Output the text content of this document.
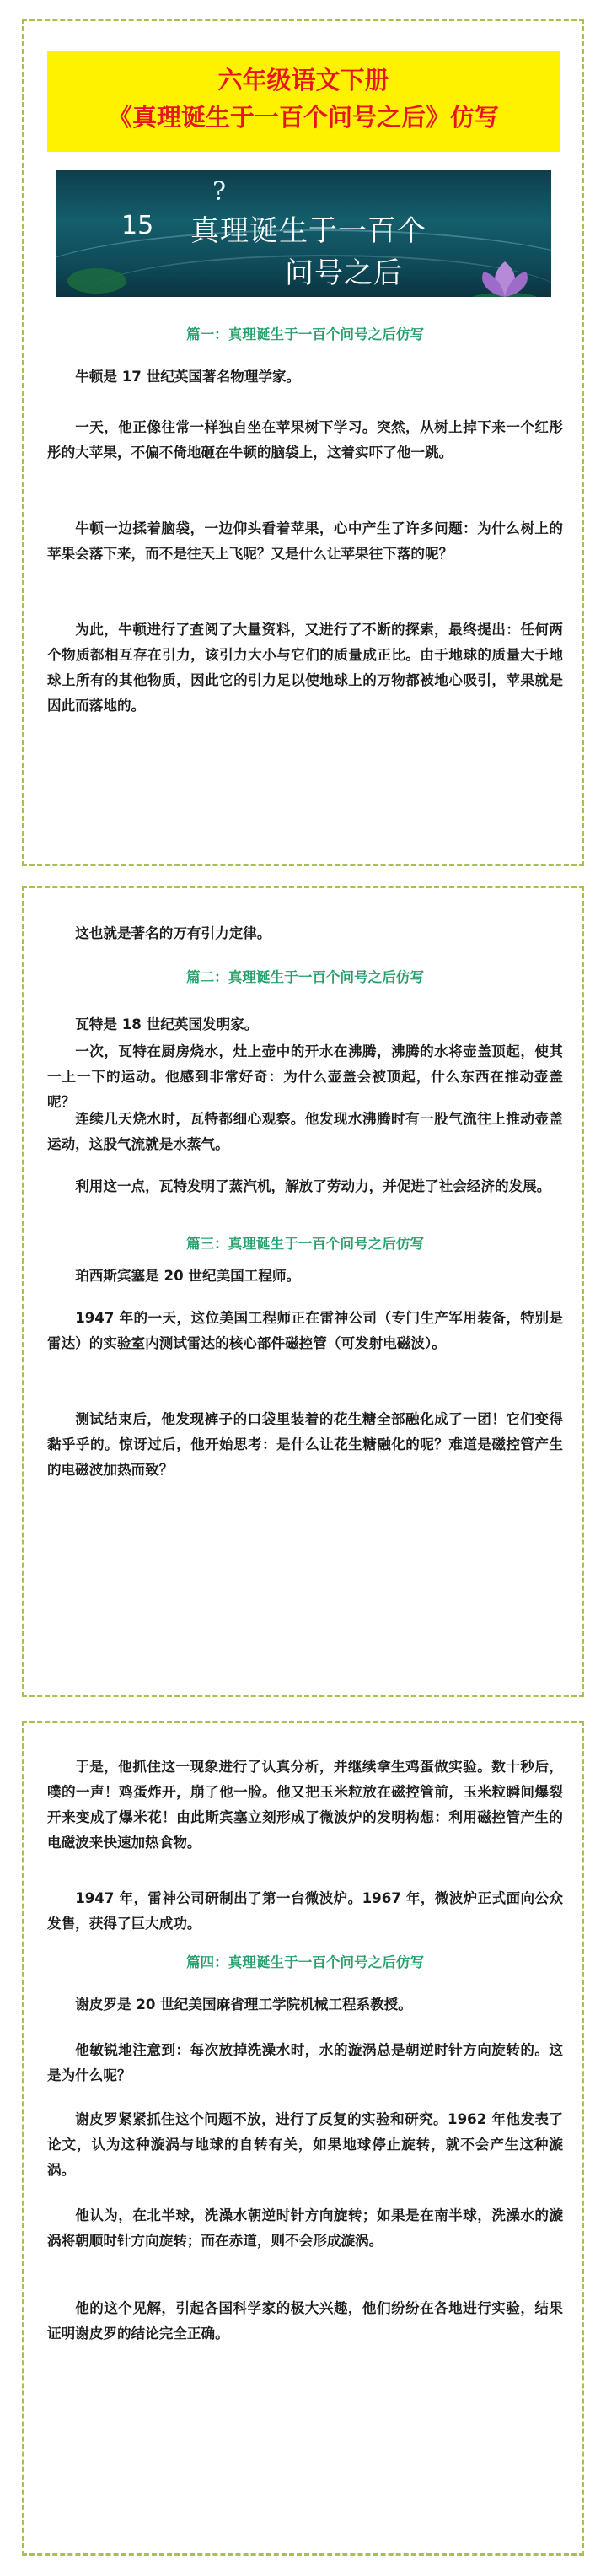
六年级语文下册
《真理诞生于一百个问号之后》仿写
15
?
真理诞生于一百个
问号之后

篇一：真理诞生于一百个问号之后仿写

牛顿是 17 世纪英国著名物理学家。

一天，他正像往常一样独自坐在苹果树下学习。突然，从树上掉下来一个红彤彤的大苹果，不偏不倚地砸在牛顿的脑袋上，这着实吓了他一跳。

牛顿一边揉着脑袋，一边仰头看着苹果，心中产生了许多问题：为什么树上的苹果会落下来，而不是往天上飞呢？又是什么让苹果往下落的呢？

为此，牛顿进行了查阅了大量资料，又进行了不断的探索，最终提出：任何两个物质都相互存在引力，该引力大小与它们的质量成正比。由于地球的质量大于地球上所有的其他物质，因此它的引力足以使地球上的万物都被地心吸引，苹果就是因此而落地的。

这也就是著名的万有引力定律。

篇二：真理诞生于一百个问号之后仿写

瓦特是 18 世纪英国发明家。

一次，瓦特在厨房烧水，灶上壶中的开水在沸腾，沸腾的水将壶盖顶起，使其一上一下的运动。他感到非常好奇：为什么壶盖会被顶起，什么东西在推动壶盖呢？

连续几天烧水时，瓦特都细心观察。他发现水沸腾时有一股气流往上推动壶盖运动，这股气流就是水蒸气。

利用这一点，瓦特发明了蒸汽机，解放了劳动力，并促进了社会经济的发展。

篇三：真理诞生于一百个问号之后仿写

珀西斯宾塞是 20 世纪美国工程师。

1947 年的一天，这位美国工程师正在雷神公司（专门生产军用装备，特别是雷达）的实验室内测试雷达的核心部件磁控管（可发射电磁波）。

测试结束后，他发现裤子的口袋里装着的花生糖全部融化成了一团！它们变得黏乎乎的。惊讶过后，他开始思考：是什么让花生糖融化的呢？难道是磁控管产生的电磁波加热而致？

于是，他抓住这一现象进行了认真分析，并继续拿生鸡蛋做实验。数十秒后，噗的一声！鸡蛋炸开，崩了他一脸。他又把玉米粒放在磁控管前，玉米粒瞬间爆裂开来变成了爆米花！由此斯宾塞立刻形成了微波炉的发明构想：利用磁控管产生的电磁波来快速加热食物。

1947 年，雷神公司研制出了第一台微波炉。1967 年，微波炉正式面向公众发售，获得了巨大成功。

篇四：真理诞生于一百个问号之后仿写

谢皮罗是 20 世纪美国麻省理工学院机械工程系教授。

他敏锐地注意到：每次放掉洗澡水时，水的漩涡总是朝逆时针方向旋转的。这是为什么呢？

谢皮罗紧紧抓住这个问题不放，进行了反复的实验和研究。1962 年他发表了论文，认为这种漩涡与地球的自转有关，如果地球停止旋转，就不会产生这种漩涡。

他认为，在北半球，洗澡水朝逆时针方向旋转；如果是在南半球，洗澡水的漩涡将朝顺时针方向旋转；而在赤道，则不会形成漩涡。

他的这个见解，引起各国科学家的极大兴趣，他们纷纷在各地进行实验，结果证明谢皮罗的结论完全正确。
